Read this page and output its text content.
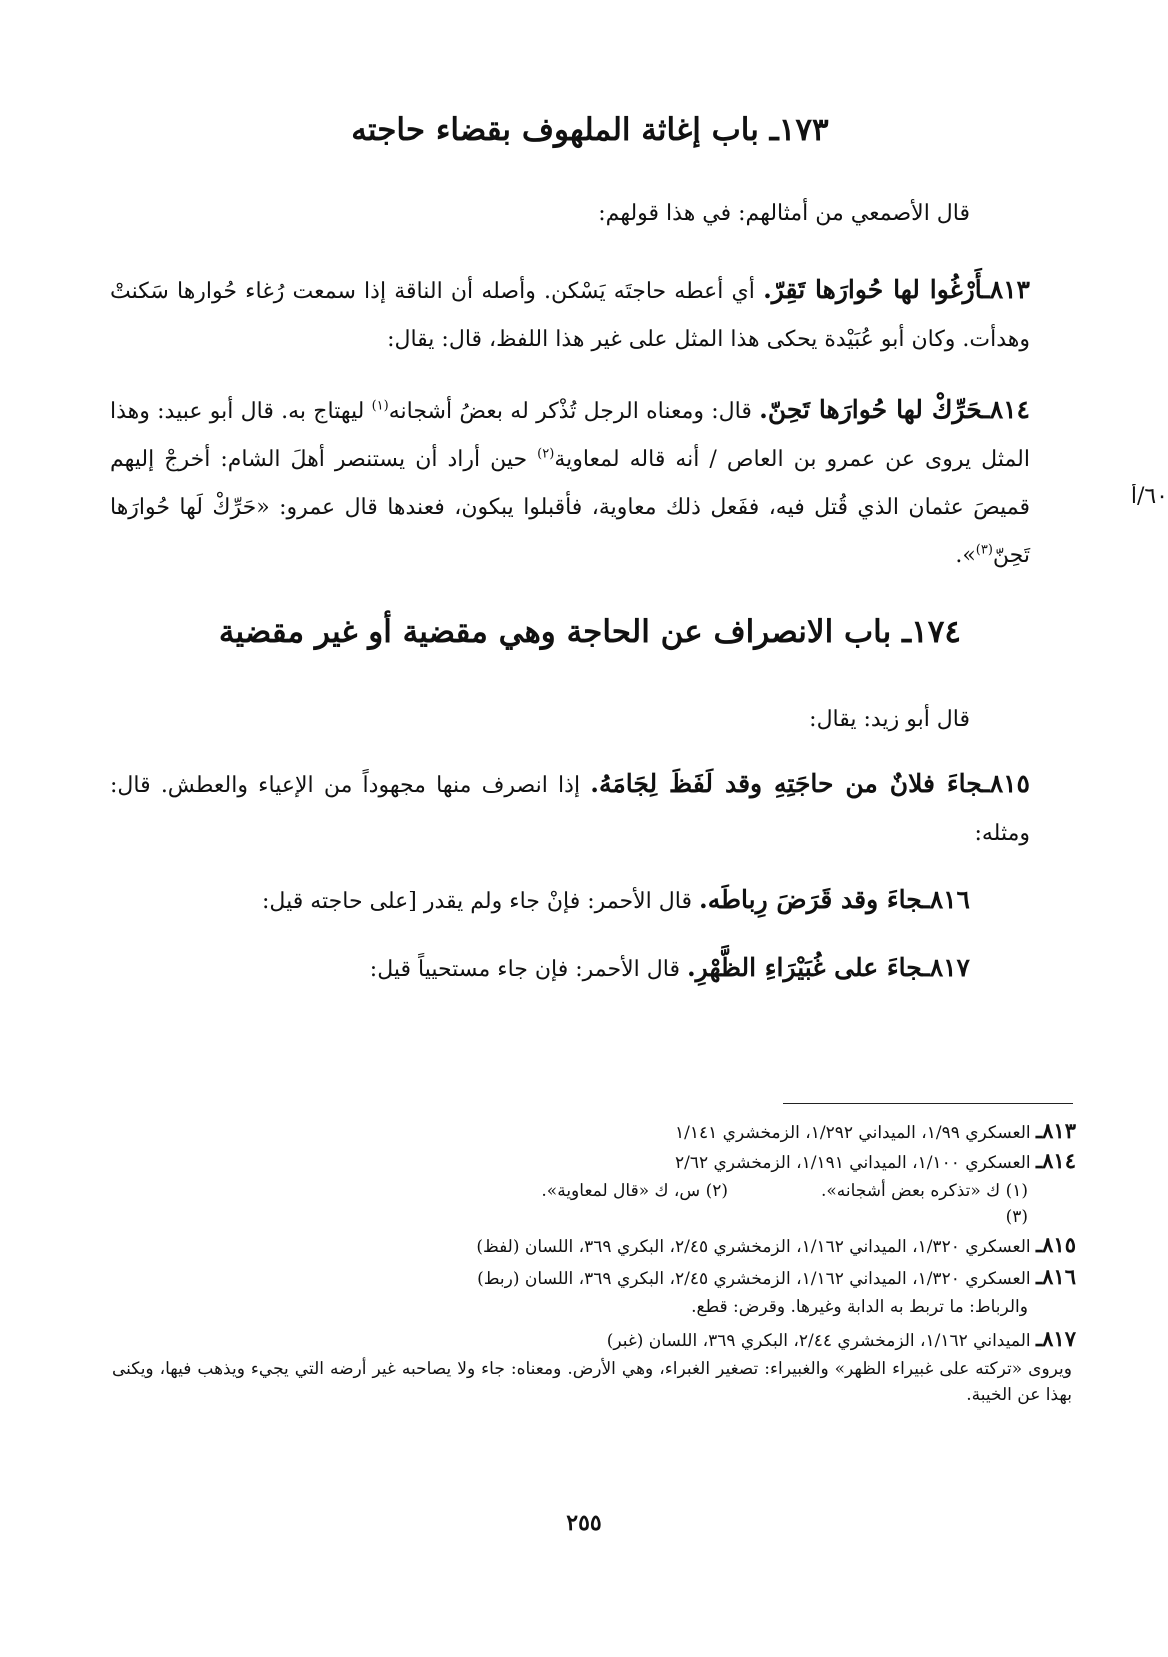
١٧٣ـ باب إغاثة الملهوف بقضاء حاجته
قال الأصمعي من أمثالهم: في هذا قولهم:
٨١٣ـأَرْغُوا لها حُوارَها تَقِرّ. أي أعطه حاجتَه يَسْكن. وأصله أن الناقة إذا سمعت رُغاء حُوارها سَكنتْ وهدأت. وكان أبو عُبَيْدة يحكى هذا المثل على غير هذا اللفظ، قال: يقال:
٨١٤ـحَرِّكْ لها حُوارَها تَحِنّ. قال: ومعناه الرجل تُذْكر له بعضُ أشجانه$^{(١)}$ ليهتاج به. قال أبو عبيد: وهذا المثل يروى عن عمرو بن العاص / أنه قاله لمعاوية$^{(٢)}$ حين أراد أن يستنصر أهلَ الشام: أخرجْ إليهم قميصَ عثمان الذي قُتل فيه، ففَعل ذلك معاوية، فأقبلوا يبكون، فعندها قال عمرو: «حَرِّكْ لَها حُوارَها تَحِنّ$^{(٣)}$».
٦٠/أ
١٧٤ـ باب الانصراف عن الحاجة وهي مقضية أو غير مقضية
قال أبو زيد: يقال:
٨١٥ـجاءَ فلانٌ من حاجَتِهِ وقد لَفَظَ لِجَامَهُ. إذا انصرف منها مجهوداً من الإعياء والعطش. قال: ومثله:
٨١٦ـجاءَ وقد قَرَضَ رِباطَه. قال الأحمر: فإنْ جاء ولم يقدر [على حاجته قيل:
٨١٧ـجاءَ على غُبَيْرَاءِ الظَّهْرِ. قال الأحمر: فإن جاء مستحيياً قيل:
٨١٣ـ العسكري ١/٩٩، الميداني ١/٢٩٢، الزمخشري ١/١٤١
٨١٤ـ العسكري ١/١٠٠، الميداني ١/١٩١، الزمخشري ٢/٦٢
(١) ك «تذكره بعض أشجانه».
(٢) س، ك «قال لمعاوية».
(٣)
٨١٥ـ العسكري ١/٣٢٠، الميداني ١/١٦٢، الزمخشري ٢/٤٥، البكري ٣٦٩، اللسان (لفظ)
٨١٦ـ العسكري ١/٣٢٠، الميداني ١/١٦٢، الزمخشري ٢/٤٥، البكري ٣٦٩، اللسان (ربط)
والرباط: ما تربط به الدابة وغيرها. وقرض: قطع.
٨١٧ـ الميداني ١/١٦٢، الزمخشري ٢/٤٤، البكري ٣٦٩، اللسان (غبر)
ويروى «تركته على غبيراء الظهر» والغبيراء: تصغير الغبراء، وهي الأرض. ومعناه: جاء ولا يصاحبه غير أرضه التي يجيء ويذهب فيها، ويكنى بهذا عن الخيبة.
٢٥٥
